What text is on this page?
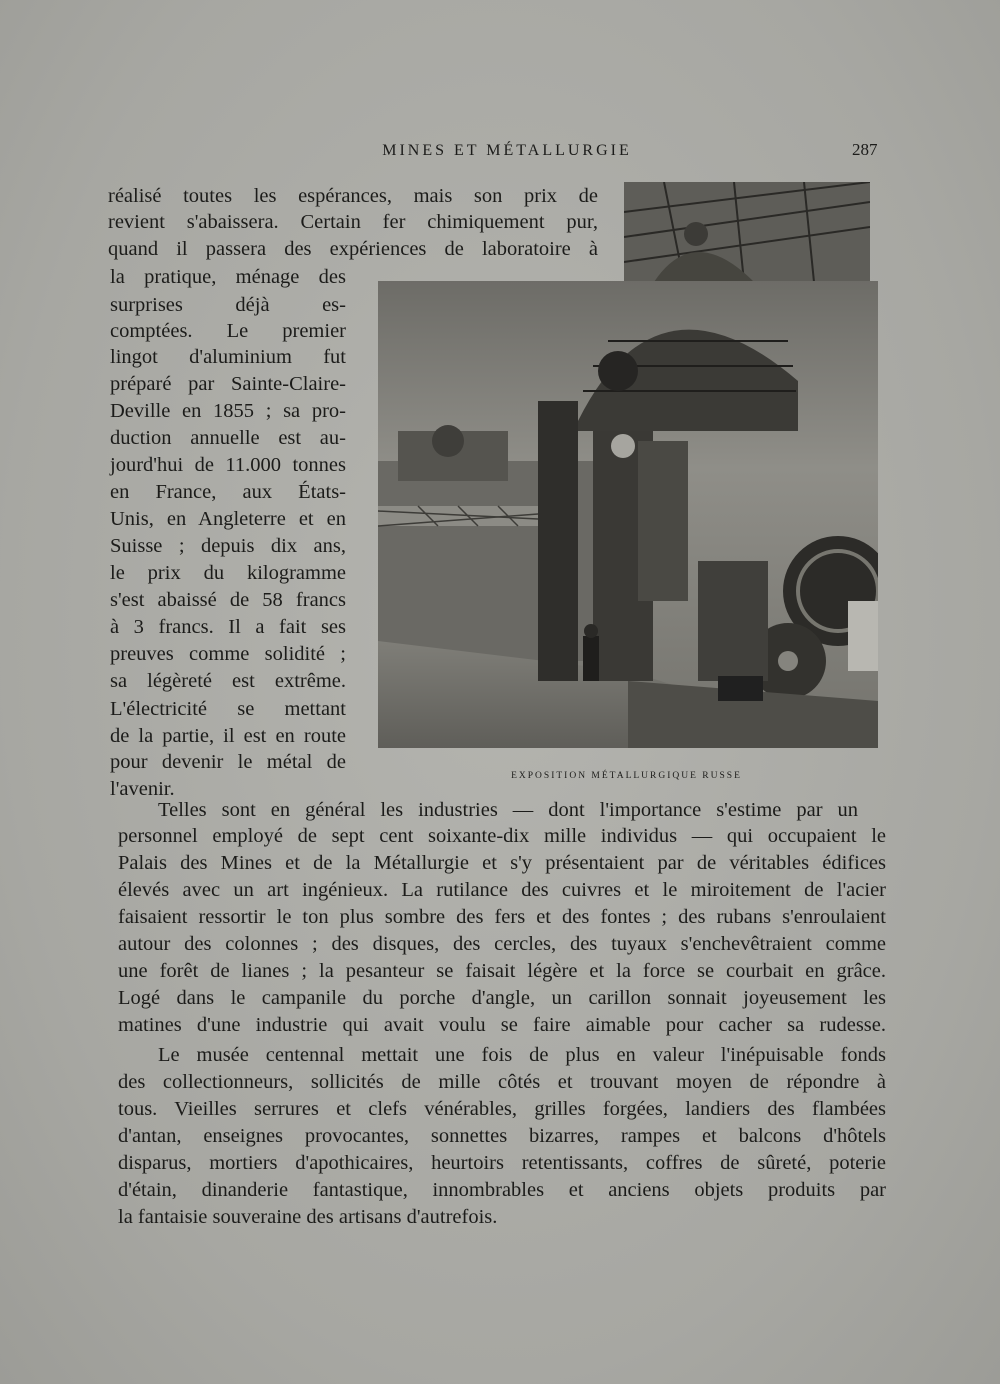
MINES ET MÉTALLURGIE	287
réalisé toutes les espérances, mais son prix de
revient s'abaissera. Certain fer chimiquement pur,
quand il passera des expériences de laboratoire à
la pratique, ménage des
surprises déjà es-
comptées. Le premier
lingot d'aluminium fut
préparé par Sainte-Claire-
Deville en 1855 ; sa pro-
duction annuelle est au-
jourd'hui de 11.000 tonnes
en France, aux États-
Unis, en Angleterre et en
Suisse ; depuis dix ans,
le prix du kilogramme
s'est abaissé de 58 francs
à 3 francs. Il a fait ses
preuves comme solidité ;
sa légèreté est extrême.
L'électricité se mettant
de la partie, il est en route
pour devenir le métal de
l'avenir.
EXPOSITION MÉTALLURGIQUE RUSSE
Telles sont en général les industries — dont l'importance s'estime par un
personnel employé de sept cent soixante-dix mille individus — qui occupaient le
Palais des Mines et de la Métallurgie et s'y présentaient par de véritables édifices
élevés avec un art ingénieux. La rutilance des cuivres et le miroitement de l'acier
faisaient ressortir le ton plus sombre des fers et des fontes ; des rubans s'enroulaient
autour des colonnes ; des disques, des cercles, des tuyaux s'enchevêtraient comme
une forêt de lianes ; la pesanteur se faisait légère et la force se courbait en grâce.
Logé dans le campanile du porche d'angle, un carillon sonnait joyeusement les
matines d'une industrie qui avait voulu se faire aimable pour cacher sa rudesse.
Le musée centennal mettait une fois de plus en valeur l'inépuisable fonds
des collectionneurs, sollicités de mille côtés et trouvant moyen de répondre à
tous. Vieilles serrures et clefs vénérables, grilles forgées, landiers des flambées
d'antan, enseignes provocantes, sonnettes bizarres, rampes et balcons d'hôtels
disparus, mortiers d'apothicaires, heurtoirs retentissants, coffres de sûreté, poterie
d'étain, dinanderie fantastique, innombrables et anciens objets produits par
la fantaisie souveraine des artisans d'autrefois.
